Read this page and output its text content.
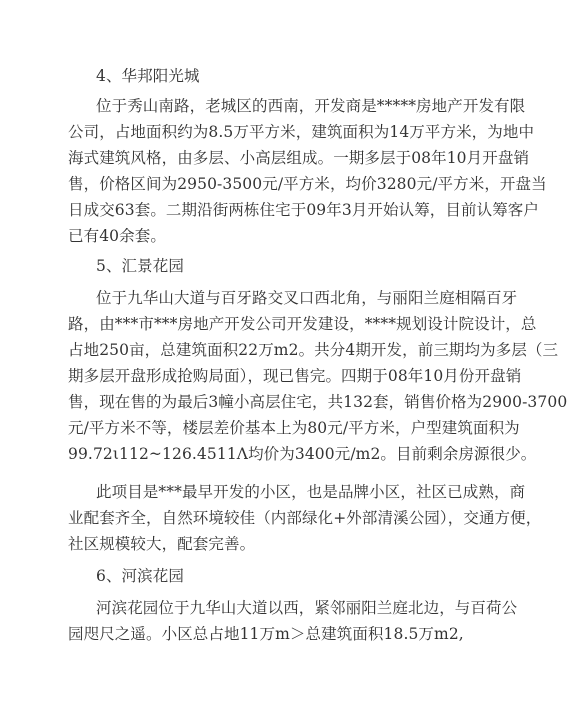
4、华邦阳光城
位于秀山南路，老城区的西南，开发商是*****房地产开发有限
公司，占地面积约为8.5万平方米，建筑面积为14万平方米，为地中
海式建筑风格，由多层、小高层组成。一期多层于08年10月开盘销
售，价格区间为2950-3500元/平方米，均价3280元/平方米，开盘当
日成交63套。二期沿街两栋住宅于09年3月开始认筹，目前认筹客户
已有40余套。
5、汇景花园
位于九华山大道与百牙路交叉口西北角，与丽阳兰庭相隔百牙
路，由***市***房地产开发公司开发建设，****规划设计院设计，总
占地250亩，总建筑面积22万m2。共分4期开发，前三期均为多层（三
期多层开盘形成抢购局面），现已售完。四期于08年10月份开盘销
售，现在售的为最后3幢小高层住宅，共132套，销售价格为2900-3700
元/平方米不等，楼层差价基本上为80元/平方米，户型建筑面积为
99.72ι112~126.4511Λ均价为3400元/m2。目前剩余房源很少。
此项目是***最早开发的小区，也是品牌小区，社区已成熟，商
业配套齐全，自然环境较佳（内部绿化+外部清溪公园），交通方便，
社区规模较大，配套完善。
6、河滨花园
河滨花园位于九华山大道以西，紧邻丽阳兰庭北边，与百荷公
园咫尺之遥。小区总占地11万m＞总建筑面积18.5万m2,
